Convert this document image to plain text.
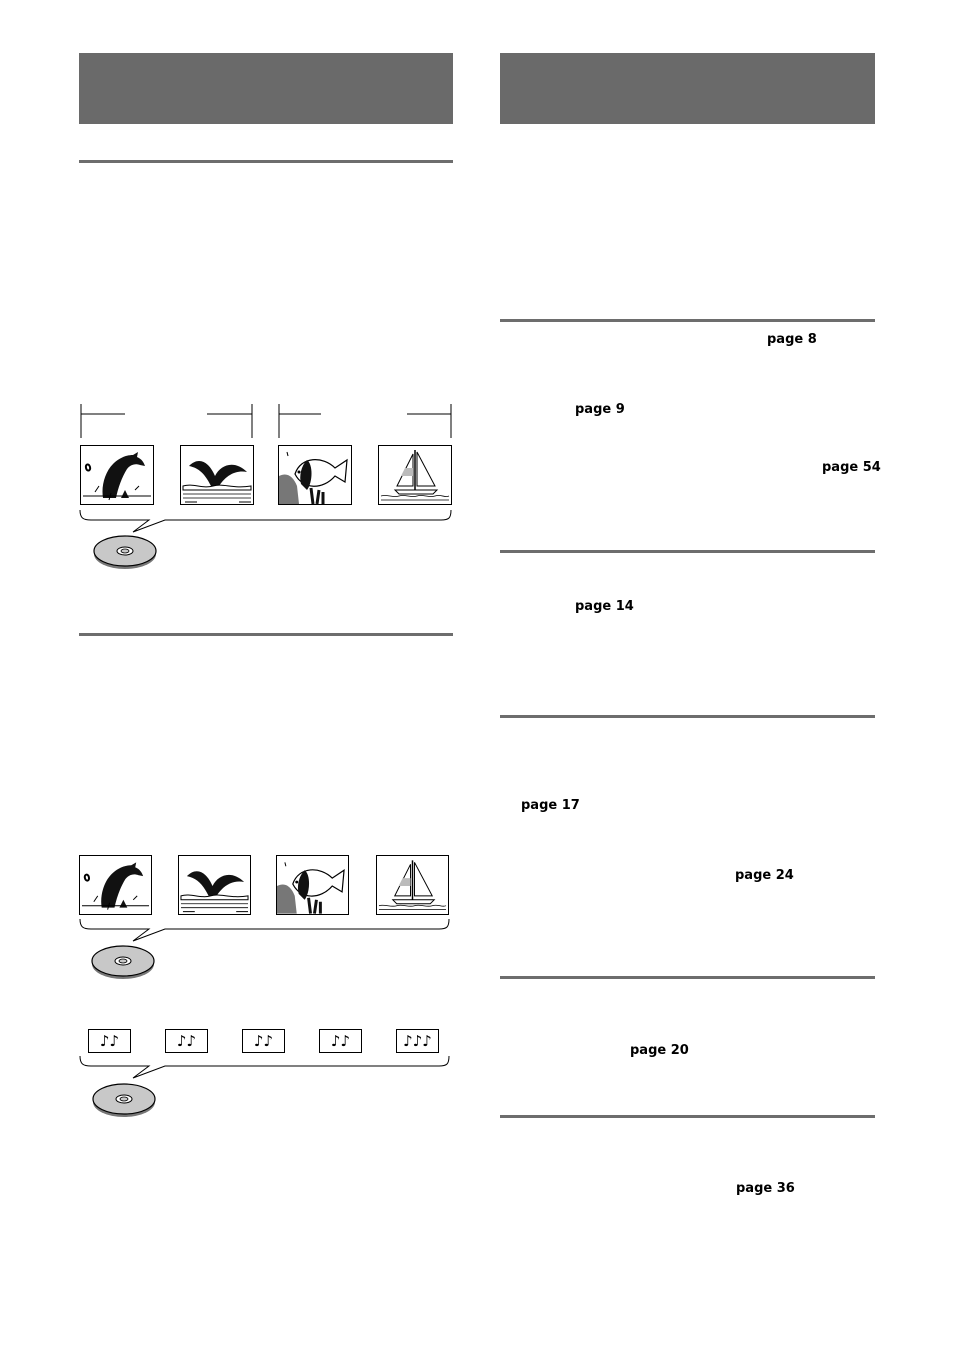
♪♪	♪♪	♪♪	♪♪	♪♪♪
page 8
page 9
page 54
page 14
page 17
page 24
page 20
page 36
